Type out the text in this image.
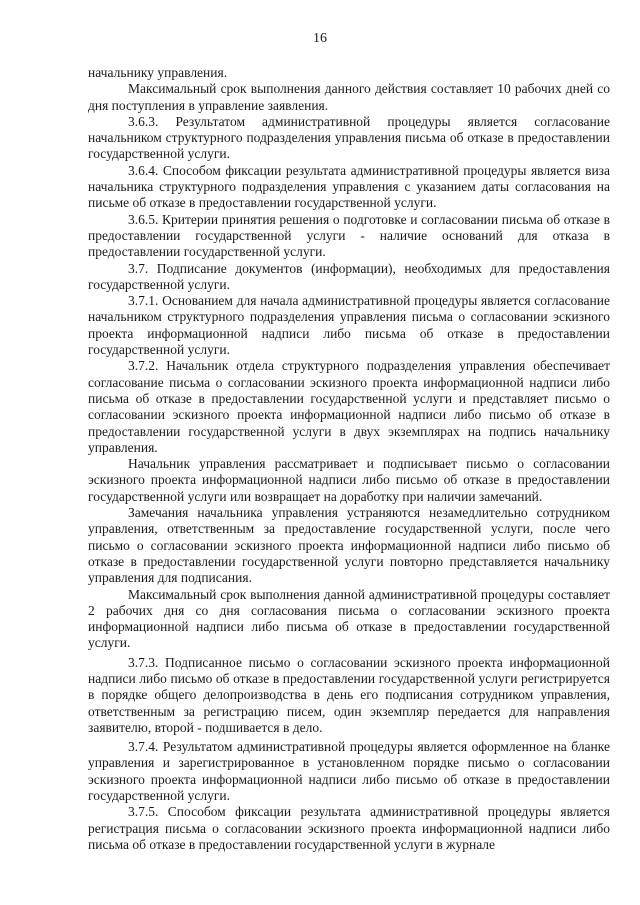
16

начальнику управления.

Максимальный срок выполнения данного действия составляет 10 рабочих дней со дня поступления в управление заявления.

3.6.3. Результатом административной процедуры является согласование начальником структурного подразделения управления письма об отказе в предоставлении государственной услуги.

3.6.4. Способом фиксации результата административной процедуры является виза начальника структурного подразделения управления с указанием даты согласования на письме об отказе в предоставлении государственной услуги.

3.6.5. Критерии принятия решения о подготовке и согласовании письма об отказе в предоставлении государственной услуги - наличие оснований для отказа в предоставлении государственной услуги.

3.7. Подписание документов (информации), необходимых для предоставления государственной услуги.

3.7.1. Основанием для начала административной процедуры является согласование начальником структурного подразделения управления письма о согласовании эскизного проекта информационной надписи либо письма об отказе в предоставлении государственной услуги.

3.7.2. Начальник отдела структурного подразделения управления обеспечивает согласование письма о согласовании эскизного проекта информационной надписи либо письма об отказе в предоставлении государственной услуги и представляет письмо о согласовании эскизного проекта информационной надписи либо письмо об отказе в предоставлении государственной услуги в двух экземплярах на подпись начальнику управления.

Начальник управления рассматривает и подписывает письмо о согласовании эскизного проекта информационной надписи либо письмо об отказе в предоставлении государственной услуги или возвращает на доработку при наличии замечаний.

Замечания начальника управления устраняются незамедлительно сотрудником управления, ответственным за предоставление государственной услуги, после чего письмо о согласовании эскизного проекта информационной надписи либо письмо об отказе в предоставлении государственной услуги повторно представляется начальнику управления для подписания.

Максимальный срок выполнения данной административной процедуры составляет 2 рабочих дня со дня согласования письма о согласовании эскизного проекта информационной надписи либо письма об отказе в предоставлении государственной услуги.

3.7.3. Подписанное письмо о согласовании эскизного проекта информационной надписи либо письмо об отказе в предоставлении государственной услуги регистрируется в порядке общего делопроизводства в день его подписания сотрудником управления, ответственным за регистрацию писем, один экземпляр передается для направления заявителю, второй - подшивается в дело.

3.7.4. Результатом административной процедуры является оформленное на бланке управления и зарегистрированное в установленном порядке письмо о согласовании эскизного проекта информационной надписи либо письмо об отказе в предоставлении государственной услуги.

3.7.5. Способом фиксации результата административной процедуры является регистрация письма о согласовании эскизного проекта информационной надписи либо письма об отказе в предоставлении государственной услуги в журнале
